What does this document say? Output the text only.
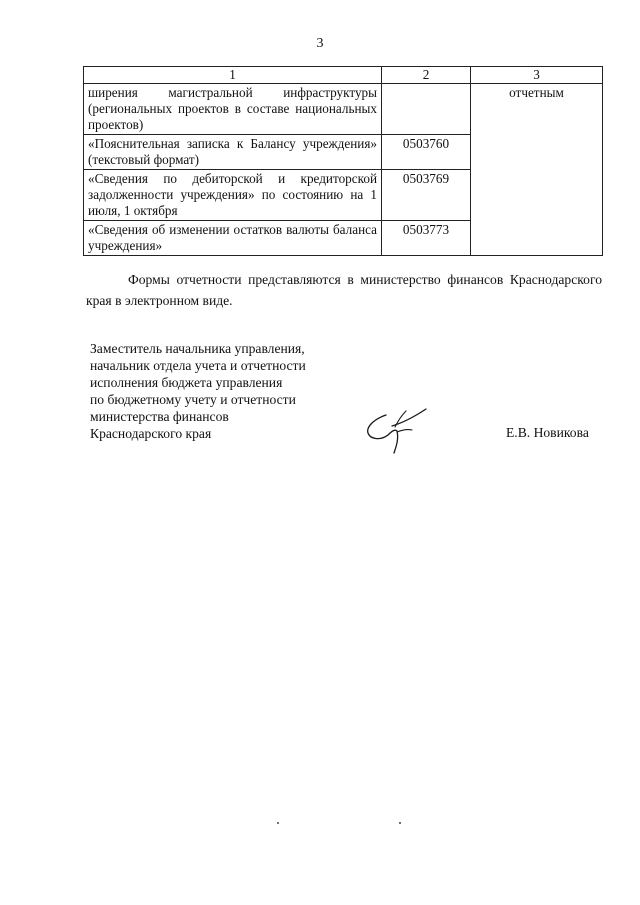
3
1	2	3
ширения магистральной инфраструктуры (региональных проектов в составе национальных проектов)		отчетным
«Пояснительная записка к Балансу учреждения» (текстовый формат)	0503760	
«Сведения по дебиторской и кредиторской задолженности учреждения» по состоянию на 1 июля, 1 октября	0503769	
«Сведения об изменении остатков валюты баланса учреждения»	0503773	
Формы отчетности представляются в министерство финансов Краснодарского края в электронном виде.
Заместитель начальника управления,
начальник отдела учета и отчетности
исполнения бюджета управления
по бюджетному учету и отчетности
министерства финансов
Краснодарского края	Е.В. Новикова
